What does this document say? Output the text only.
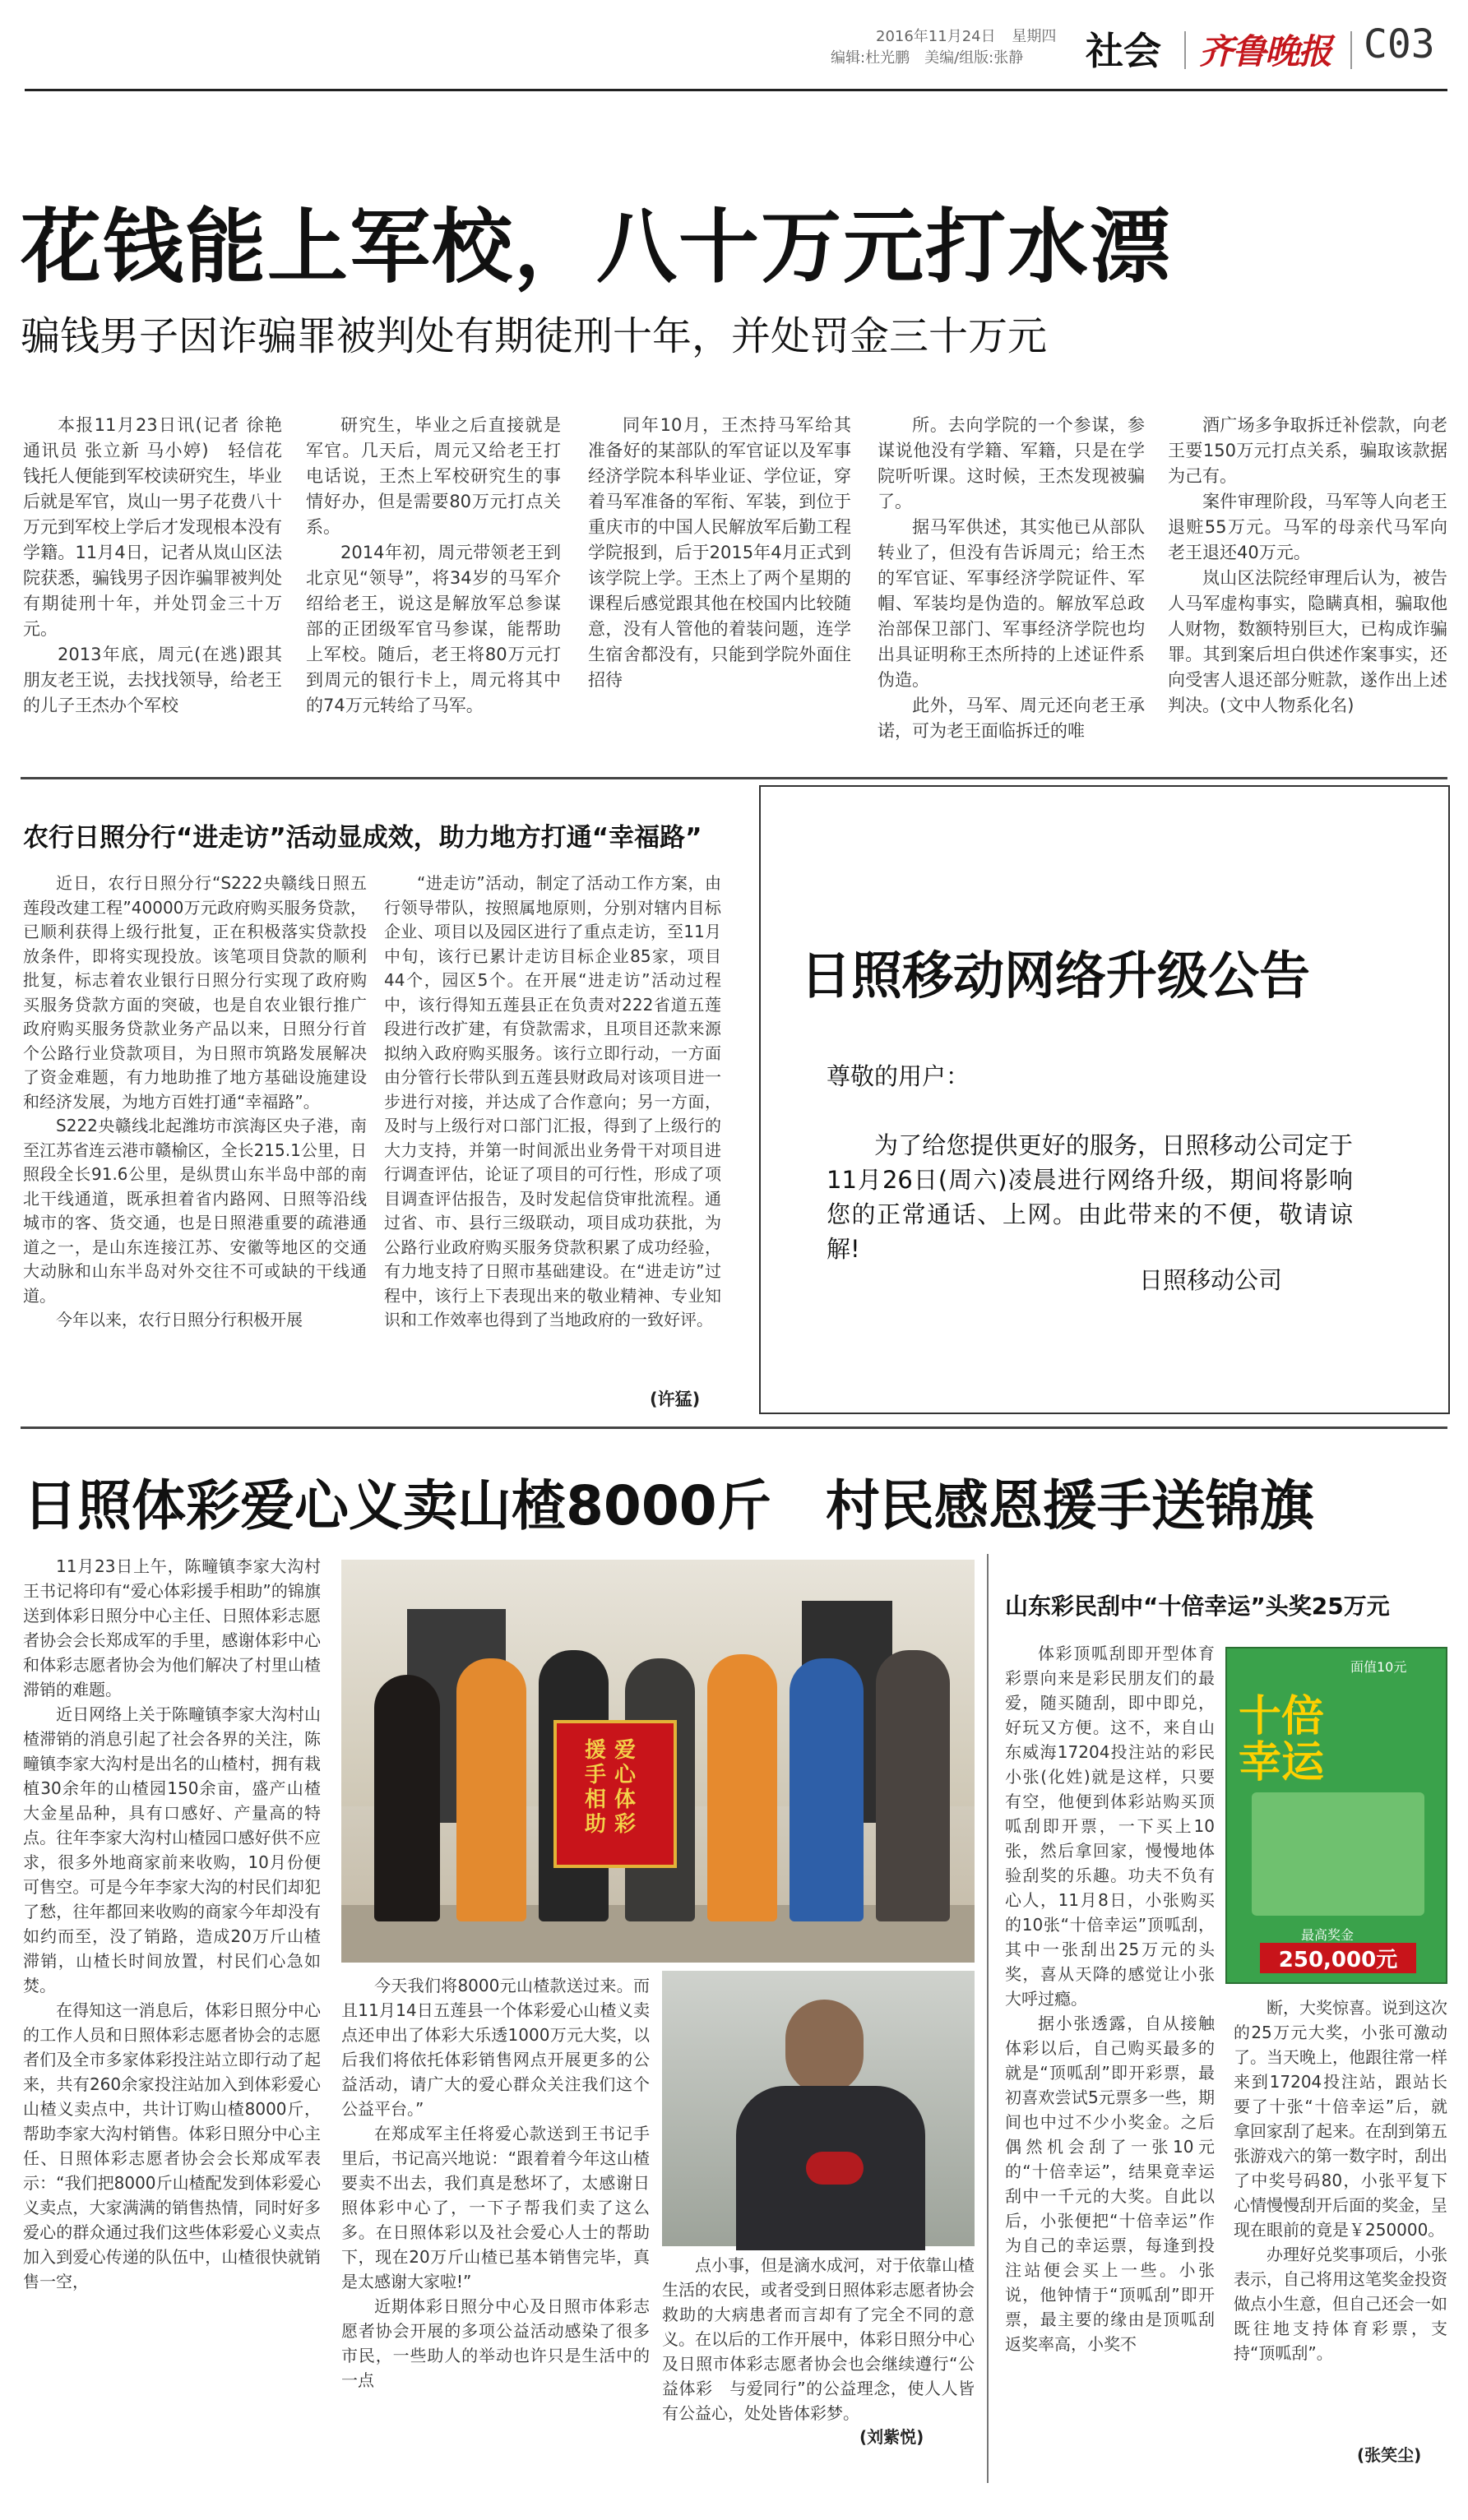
2016年11月24日 星期四
编辑:杜光鹏　美编/组版:张静 社会 齐鲁晚报 C03
花钱能上军校，八十万元打水漂
骗钱男子因诈骗罪被判处有期徒刑十年，并处罚金三十万元

本报11月23日讯(记者 徐艳　通讯员 张立新 马小婷)　轻信花钱托人便能到军校读研究生，毕业后就是军官，岚山一男子花费八十万元到军校上学后才发现根本没有学籍。11月4日，记者从岚山区法院获悉，骗钱男子因诈骗罪被判处有期徒刑十年，并处罚金三十万元。

2013年底，周元(在逃)跟其朋友老王说，去找找领导，给老王的儿子王杰办个军校

研究生，毕业之后直接就是军官。几天后，周元又给老王打电话说，王杰上军校研究生的事情好办，但是需要80万元打点关系。

2014年初，周元带领老王到北京见“领导”，将34岁的马军介绍给老王，说这是解放军总参谋部的正团级军官马参谋，能帮助上军校。随后，老王将80万元打到周元的银行卡上，周元将其中的74万元转给了马军。

同年10月，王杰持马军给其准备好的某部队的军官证以及军事经济学院本科毕业证、学位证，穿着马军准备的军衔、军装，到位于重庆市的中国人民解放军后勤工程学院报到，后于2015年4月正式到该学院上学。王杰上了两个星期的课程后感觉跟其他在校国内比较随意，没有人管他的着装问题，连学生宿舍都没有，只能到学院外面住招待

所。去向学院的一个参谋，参谋说他没有学籍、军籍，只是在学院听听课。这时候，王杰发现被骗了。

据马军供述，其实他已从部队转业了，但没有告诉周元；给王杰的军官证、军事经济学院证件、军帽、军装均是伪造的。解放军总政治部保卫部门、军事经济学院也均出具证明称王杰所持的上述证件系伪造。

此外，马军、周元还向老王承诺，可为老王面临拆迁的唯

酒广场多争取拆迁补偿款，向老王要150万元打点关系，骗取该款据为己有。

案件审理阶段，马军等人向老王退赃55万元。马军的母亲代马军向老王退还40万元。

岚山区法院经审理后认为，被告人马军虚构事实，隐瞒真相，骗取他人财物，数额特别巨大，已构成诈骗罪。其到案后坦白供述作案事实，还向受害人退还部分赃款，遂作出上述判决。(文中人物系化名)

农行日照分行“进走访”活动显成效，助力地方打通“幸福路”

近日，农行日照分行“S222央赣线日照五莲段改建工程”40000万元政府购买服务贷款，已顺利获得上级行批复，正在积极落实贷款投放条件，即将实现投放。该笔项目贷款的顺利批复，标志着农业银行日照分行实现了政府购买服务贷款方面的突破，也是自农业银行推广政府购买服务贷款业务产品以来，日照分行首个公路行业贷款项目，为日照市筑路发展解决了资金难题，有力地助推了地方基础设施建设和经济发展，为地方百姓打通“幸福路”。

S222央赣线北起潍坊市滨海区央子港，南至江苏省连云港市赣榆区，全长215.1公里，日照段全长91.6公里，是纵贯山东半岛中部的南北干线通道，既承担着省内路网、日照等沿线城市的客、货交通，也是日照港重要的疏港通道之一，是山东连接江苏、安徽等地区的交通大动脉和山东半岛对外交往不可或缺的干线通道。

今年以来，农行日照分行积极开展

“进走访”活动，制定了活动工作方案，由行领导带队，按照属地原则，分别对辖内目标企业、项目以及园区进行了重点走访，至11月中旬，该行已累计走访目标企业85家，项目44个，园区5个。在开展“进走访”活动过程中，该行得知五莲县正在负责对222省道五莲段进行改扩建，有贷款需求，且项目还款来源拟纳入政府购买服务。该行立即行动，一方面由分管行长带队到五莲县财政局对该项目进一步进行对接，并达成了合作意向；另一方面，及时与上级行对口部门汇报，得到了上级行的大力支持，并第一时间派出业务骨干对项目进行调查评估，论证了项目的可行性，形成了项目调查评估报告，及时发起信贷审批流程。通过省、市、县行三级联动，项目成功获批，为公路行业政府购买服务贷款积累了成功经验，有力地支持了日照市基础建设。在“进走访”过程中，该行上下表现出来的敬业精神、专业知识和工作效率也得到了当地政府的一致好评。

(许猛)
日照移动网络升级公告
尊敬的用户：
为了给您提供更好的服务，日照移动公司定于11月26日(周六)凌晨进行网络升级，期间将影响您的正常通话、上网。由此带来的不便，敬请谅解!
日照移动公司
日照体彩爱心义卖山楂8000斤　村民感恩援手送锦旗

11月23日上午，陈疃镇李家大沟村王书记将印有“爱心体彩援手相助”的锦旗送到体彩日照分中心主任、日照体彩志愿者协会会长郑成军的手里，感谢体彩中心和体彩志愿者协会为他们解决了村里山楂滞销的难题。

近日网络上关于陈疃镇李家大沟村山楂滞销的消息引起了社会各界的关注，陈疃镇李家大沟村是出名的山楂村，拥有栽植30余年的山楂园150余亩，盛产山楂大金星品种，具有口感好、产量高的特点。往年李家大沟村山楂园口感好供不应求，很多外地商家前来收购，10月份便可售空。可是今年李家大沟的村民们却犯了愁，往年都回来收购的商家今年却没有如约而至，没了销路，造成20万斤山楂滞销，山楂长时间放置，村民们心急如焚。

在得知这一消息后，体彩日照分中心的工作人员和日照体彩志愿者协会的志愿者们及全市多家体彩投注站立即行动了起来，共有260余家投注站加入到体彩爱心山楂义卖点中，共计订购山楂8000斤，帮助李家大沟村销售。体彩日照分中心主任、日照体彩志愿者协会会长郑成军表示：“我们把8000斤山楂配发到体彩爱心义卖点，大家满满的销售热情，同时好多爱心的群众通过我们这些体彩爱心义卖点加入到爱心传递的队伍中，山楂很快就销售一空，

爱心体彩
援手相助

今天我们将8000元山楂款送过来。而且11月14日五莲县一个体彩爱心山楂义卖点还申出了体彩大乐透1000万元大奖，以后我们将依托体彩销售网点开展更多的公益活动，请广大的爱心群众关注我们这个公益平台。”

在郑成军主任将爱心款送到王书记手里后，书记高兴地说：“跟着着今年这山楂要卖不出去，我们真是愁坏了，太感谢日照体彩中心了，一下子帮我们卖了这么多。在日照体彩以及社会爱心人士的帮助下，现在20万斤山楂已基本销售完毕，真是太感谢大家啦!”

近期体彩日照分中心及日照市体彩志愿者协会开展的多项公益活动感染了很多市民，一些助人的举动也许只是生活中的一点

点小事，但是滴水成河，对于依靠山楂生活的农民，或者受到日照体彩志愿者协会救助的大病患者而言却有了完全不同的意义。在以后的工作开展中，体彩日照分中心及日照市体彩志愿者协会也会继续遵行“公益体彩　与爱同行”的公益理念，使人人皆有公益心，处处皆体彩梦。

(刘紫悦)
山东彩民刮中“十倍幸运”头奖25万元
面值10元
十倍
幸运
最高奖金
250,000元

体彩顶呱刮即开型体育彩票向来是彩民朋友们的最爱，随买随刮，即中即兑，好玩又方便。这不，来自山东威海17204投注站的彩民小张(化姓)就是这样，只要有空，他便到体彩站购买顶呱刮即开票，一下买上10张，然后拿回家，慢慢地体验刮奖的乐趣。功夫不负有心人，11月8日，小张购买的10张“十倍幸运”顶呱刮，其中一张刮出25万元的头奖，喜从天降的感觉让小张大呼过瘾。

据小张透露，自从接触体彩以后，自己购买最多的就是“顶呱刮”即开彩票，最初喜欢尝试5元票多一些，期间也中过不少小奖金。之后偶然机会刮了一张10元的“十倍幸运”，结果竟幸运刮中一千元的大奖。自此以后，小张便把“十倍幸运”作为自己的幸运票，每逢到投注站便会买上一些。小张说，他钟情于“顶呱刮”即开票，最主要的缘由是顶呱刮返奖率高，小奖不

断，大奖惊喜。说到这次的25万元大奖，小张可激动了。当天晚上，他跟往常一样来到17204投注站，跟站长要了十张“十倍幸运”后，就拿回家刮了起来。在刮到第五张游戏六的第一数字时，刮出了中奖号码80，小张平复下心情慢慢刮开后面的奖金，呈现在眼前的竟是￥250000。

办理好兑奖事项后，小张表示，自己将用这笔奖金投资做点小生意，但自己还会一如既往地支持体育彩票，支持“顶呱刮”。

(张笑尘)
